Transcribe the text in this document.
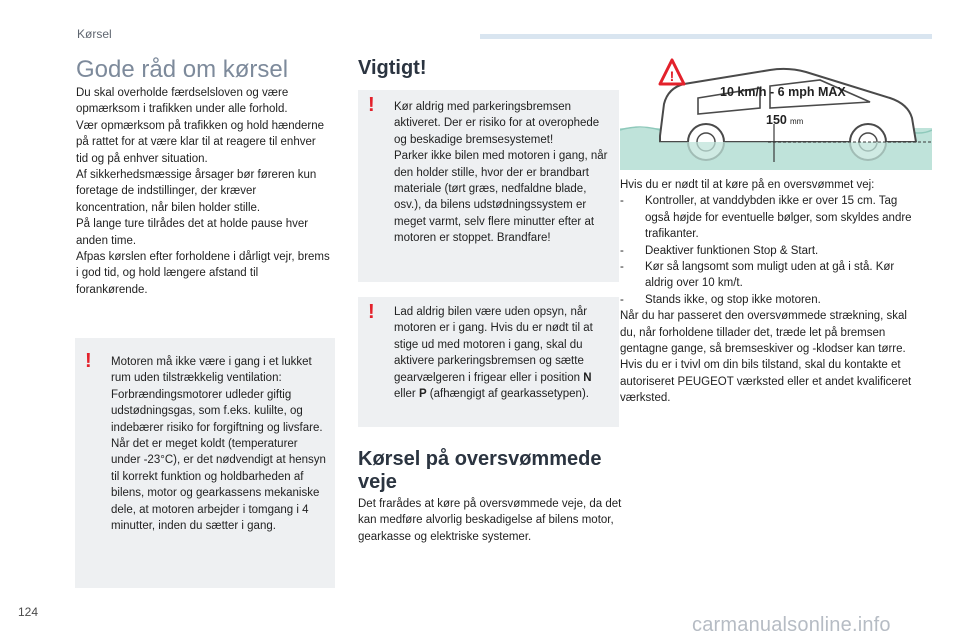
Kørsel
Gode råd om kørsel

Du skal overholde færdselsloven og være opmærksom i trafikken under alle forhold.

Vær opmærksom på trafikken og hold hænderne på rattet for at være klar til at reagere til enhver tid og på enhver situation.

Af sikkerhedsmæssige årsager bør føreren kun foretage de indstillinger, der kræver koncentration, når bilen holder stille.

På lange ture tilrådes det at holde pause hver anden time.

Afpas kørslen efter forholdene i dårligt vejr, brems i god tid, og hold længere afstand til forankørende.

! Motoren må ikke være i gang i et lukket rum uden tilstrækkelig ventilation: Forbrændingsmotorer udleder giftig udstødningsgas, som f.eks. kulilte, og indebærer risiko for forgiftning og livsfare. Når det er meget koldt (temperaturer under -23°C), er det nødvendigt at hensyn til korrekt funktion og holdbarheden af bilens, motor og gearkassens mekaniske dele, at motoren arbejder i tomgang i 4 minutter, inden du sætter i gang.
Vigtigt!
! Kør aldrig med parkeringsbremsen aktiveret. Der er risiko for at overophede og beskadige bremsesystemet!

Parker ikke bilen med motoren i gang, når den holder stille, hvor der er brandbart materiale (tørt græs, nedfaldne blade, osv.), da bilens udstødningssystem er meget varmt, selv flere minutter efter at motoren er stoppet. Brandfare!

! Lad aldrig bilen være uden opsyn, når motoren er i gang. Hvis du er nødt til at stige ud med motoren i gang, skal du aktivere parkeringsbremsen og sætte gearvælgeren i frigear eller i position N eller P (afhængigt af gearkassetypen).
Kørsel på oversvømmede veje
Det frarådes at køre på oversvømmede veje, da det kan medføre alvorlig beskadigelse af bilens motor, gearkasse og elektriske systemer.
!
10 km/h - 6 mph MAX
150 mm

Hvis du er nødt til at køre på en oversvømmet vej:

- Kontroller, at vanddybden ikke er over 15 cm. Tag også højde for eventuelle bølger, som skyldes andre trafikanter.
- Deaktiver funktionen Stop & Start.
- Kør så langsomt som muligt uden at gå i stå. Kør aldrig over 10 km/t.
- Stands ikke, og stop ikke motoren.

Når du har passeret den oversvømmede strækning, skal du, når forholdene tillader det, træde let på bremsen gentagne gange, så bremseskiver og -klodser kan tørre.

Hvis du er i tvivl om din bils tilstand, skal du kontakte et autoriseret PEUGEOT værksted eller et andet kvalificeret værksted.

124
carmanualsonline.info
